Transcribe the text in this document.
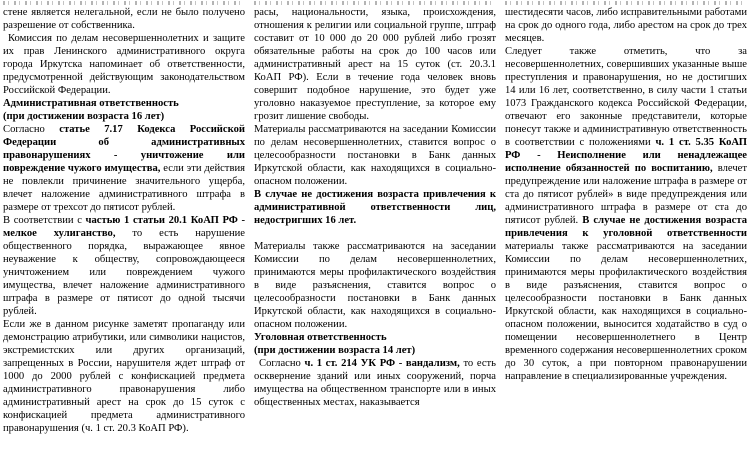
стене является нелегальной, если не было получено разрешение от собственника.

Комиссия по делам несовершеннолетних и защите их прав Ленинского административного округа города Иркутска напоминает об ответственности, предусмотренной действующим законодательством Российской Федерации.

Административная ответственность

(при достижении возраста 16 лет)

Согласно статье 7.17 Кодекса Российской Федерации об административных правонарушениях - уничтожение или повреждение чужого имущества, если эти действия не повлекли причинение значительного ущерба, влечет наложение административного штрафа в размере от трехсот до пятисот рублей.

В соответствии с частью 1 статьи 20.1 КоАП РФ - мелкое хулиганство, то есть нарушение общественного порядка, выражающее явное неуважение к обществу, сопровождающееся уничтожением или повреждением чужого имущества, влечет наложение административного штрафа в размере от пятисот до одной тысячи рублей.

Если же в данном рисунке заметят пропаганду или демонстрацию атрибутики, или символики нацистов, экстремистских или других организаций, запрещенных в России, нарушителя ждет штраф от 1000 до 2000 рублей с конфискацией предмета административного правонарушения либо административный арест на срок до 15 суток с конфискацией предмета административного правонарушения (ч. 1 ст. 20.3 КоАП РФ).

расы, национальности, языка, происхождения, отношения к религии или социальной группе, штраф составит от 10 000 до 20 000 рублей либо грозят обязательные работы на срок до 100 часов или административный арест на 15 суток (ст. 20.3.1 КоАП РФ). Если в течение года человек вновь совершит подобное нарушение, это будет уже уголовно наказуемое преступление, за которое ему грозит лишение свободы.

Материалы рассматриваются на заседании Комиссии по делам несовершеннолетних, ставится вопрос о целесообразности постановки в Банк данных Иркутской области, как находящихся в социально-опасном положении.

В случае не достижения возраста привлечения к административной ответственности лиц, недостригших 16 лет.

Материалы также рассматриваются на заседании Комиссии по делам несовершеннолетних, принимаются меры профилактического воздействия в виде разъяснения, ставится вопрос о целесообразности постановки в Банк данных Иркутской области, как находящихся в социально-опасном положении.

Уголовная ответственность

(при достижении возраста 14 лет)

Согласно ч. 1 ст. 214 УК РФ - вандализм, то есть осквернение зданий или иных сооружений, порча имущества на общественном транспорте или в иных общественных местах, наказывается

шестидесяти часов, либо исправительными работами на срок до одного года, либо арестом на срок до трех месяцев.

Следует также отметить, что за несовершеннолетних, совершивших указанные выше преступления и правонарушения, но не достигших 14 или 16 лет, соответственно, в силу части 1 статьи 1073 Гражданского кодекса Российской Федерации, отвечают его законные представители, которые понесут также и административную ответственность в соответствии с положениями ч. 1 ст. 5.35 КоАП РФ - Неисполнение или ненадлежащее исполнение обязанностей по воспитанию, влечет предупреждение или наложение штрафа в размере от ста до пятисот рублей» в виде предупреждения или административного штрафа в размере от ста до пятисот рублей. В случае не достижения возраста привлечения к уголовной ответственности материалы также рассматриваются на заседании Комиссии по делам несовершеннолетних, принимаются меры профилактического воздействия в виде разъяснения, ставится вопрос о целесообразности постановки в Банк данных Иркутской области, как находящихся в социально-опасном положении, выносится ходатайство в суд о помещении несовершеннолетнего в Центр временного содержания несовершеннолетних сроком до 30 суток, а при повторном правонарушении направление в специализированные учреждения.
